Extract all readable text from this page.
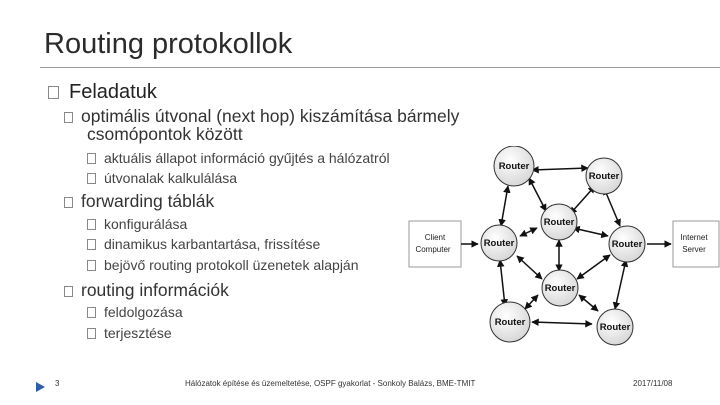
Routing protokollok
Feladatuk
optimális útvonal (next hop) kiszámítása bármely
csomópontok között
aktuális állapot információ gyűjtés a hálózatról
útvonalak kalkulálása
forwarding táblák
konfigurálása
dinamikus karbantartása, frissítése
bejövő routing protokoll üzenetek alapján
routing információk
feldolgozása
terjesztése
Client
Computer
Internet
Server
Router
Router
Router
Router	Router
Router
Router	Router
3	Hálózatok építése és üzemeltetése, OSPF gyakorlat - Sonkoly Balázs, BME-TMIT	2017/11/08
